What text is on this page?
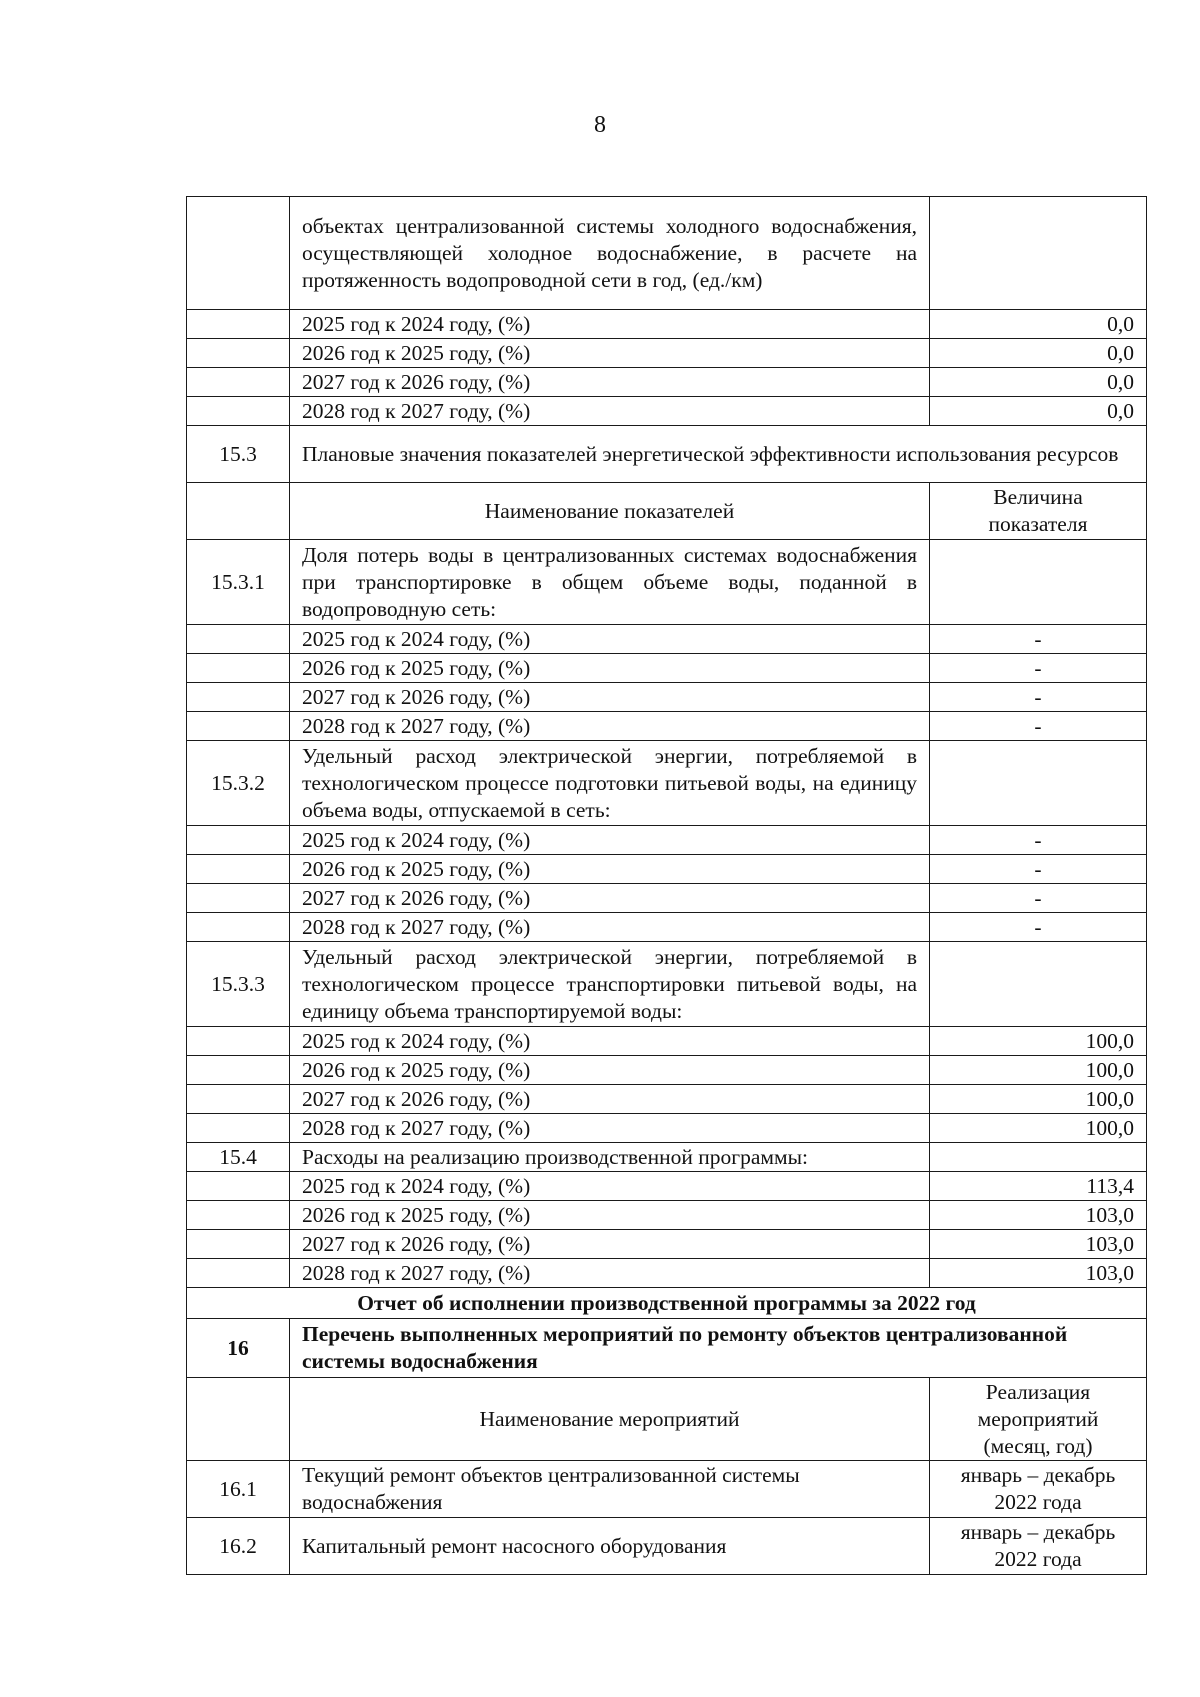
8
	объектах централизованной системы холодного водоснабжения, осуществляющей холодное водоснабжение, в расчете на протяженность водопроводной сети в год, (ед./км)	
	2025 год к 2024 году, (%)	0,0
	2026 год к 2025 году, (%)	0,0
	2027 год к 2026 году, (%)	0,0
	2028 год к 2027 году, (%)	0,0
15.3	Плановые значения показателей энергетической эффективности использования ресурсов	
	Наименование показателей	Величина показателя
15.3.1	Доля потерь воды в централизованных системах водоснабжения при транспортировке в общем объеме воды, поданной в водопроводную сеть:	
	2025 год к 2024 году, (%)	-
	2026 год к 2025 году, (%)	-
	2027 год к 2026 году, (%)	-
	2028 год к 2027 году, (%)	-
15.3.2	Удельный расход электрической энергии, потребляемой в технологическом процессе подготовки питьевой воды, на единицу объема воды, отпускаемой в сеть:	
	2025 год к 2024 году, (%)	-
	2026 год к 2025 году, (%)	-
	2027 год к 2026 году, (%)	-
	2028 год к 2027 году, (%)	-
15.3.3	Удельный расход электрической энергии, потребляемой в технологическом процессе транспортировки питьевой воды, на единицу объема транспортируемой воды:	
	2025 год к 2024 году, (%)	100,0
	2026 год к 2025 году, (%)	100,0
	2027 год к 2026 году, (%)	100,0
	2028 год к 2027 году, (%)	100,0
15.4	Расходы на реализацию производственной программы:	
	2025 год к 2024 году, (%)	113,4
	2026 год к 2025 году, (%)	103,0
	2027 год к 2026 году, (%)	103,0
	2028 год к 2027 году, (%)	103,0
Отчет об исполнении производственной программы за 2022 год		
16	Перечень выполненных мероприятий по ремонту объектов централизованной системы водоснабжения	
	Наименование мероприятий	Реализация мероприятий (месяц, год)
16.1	Текущий ремонт объектов централизованной системы водоснабжения	январь – декабрь 2022 года
16.2	Капитальный ремонт насосного оборудования	январь – декабрь 2022 года
